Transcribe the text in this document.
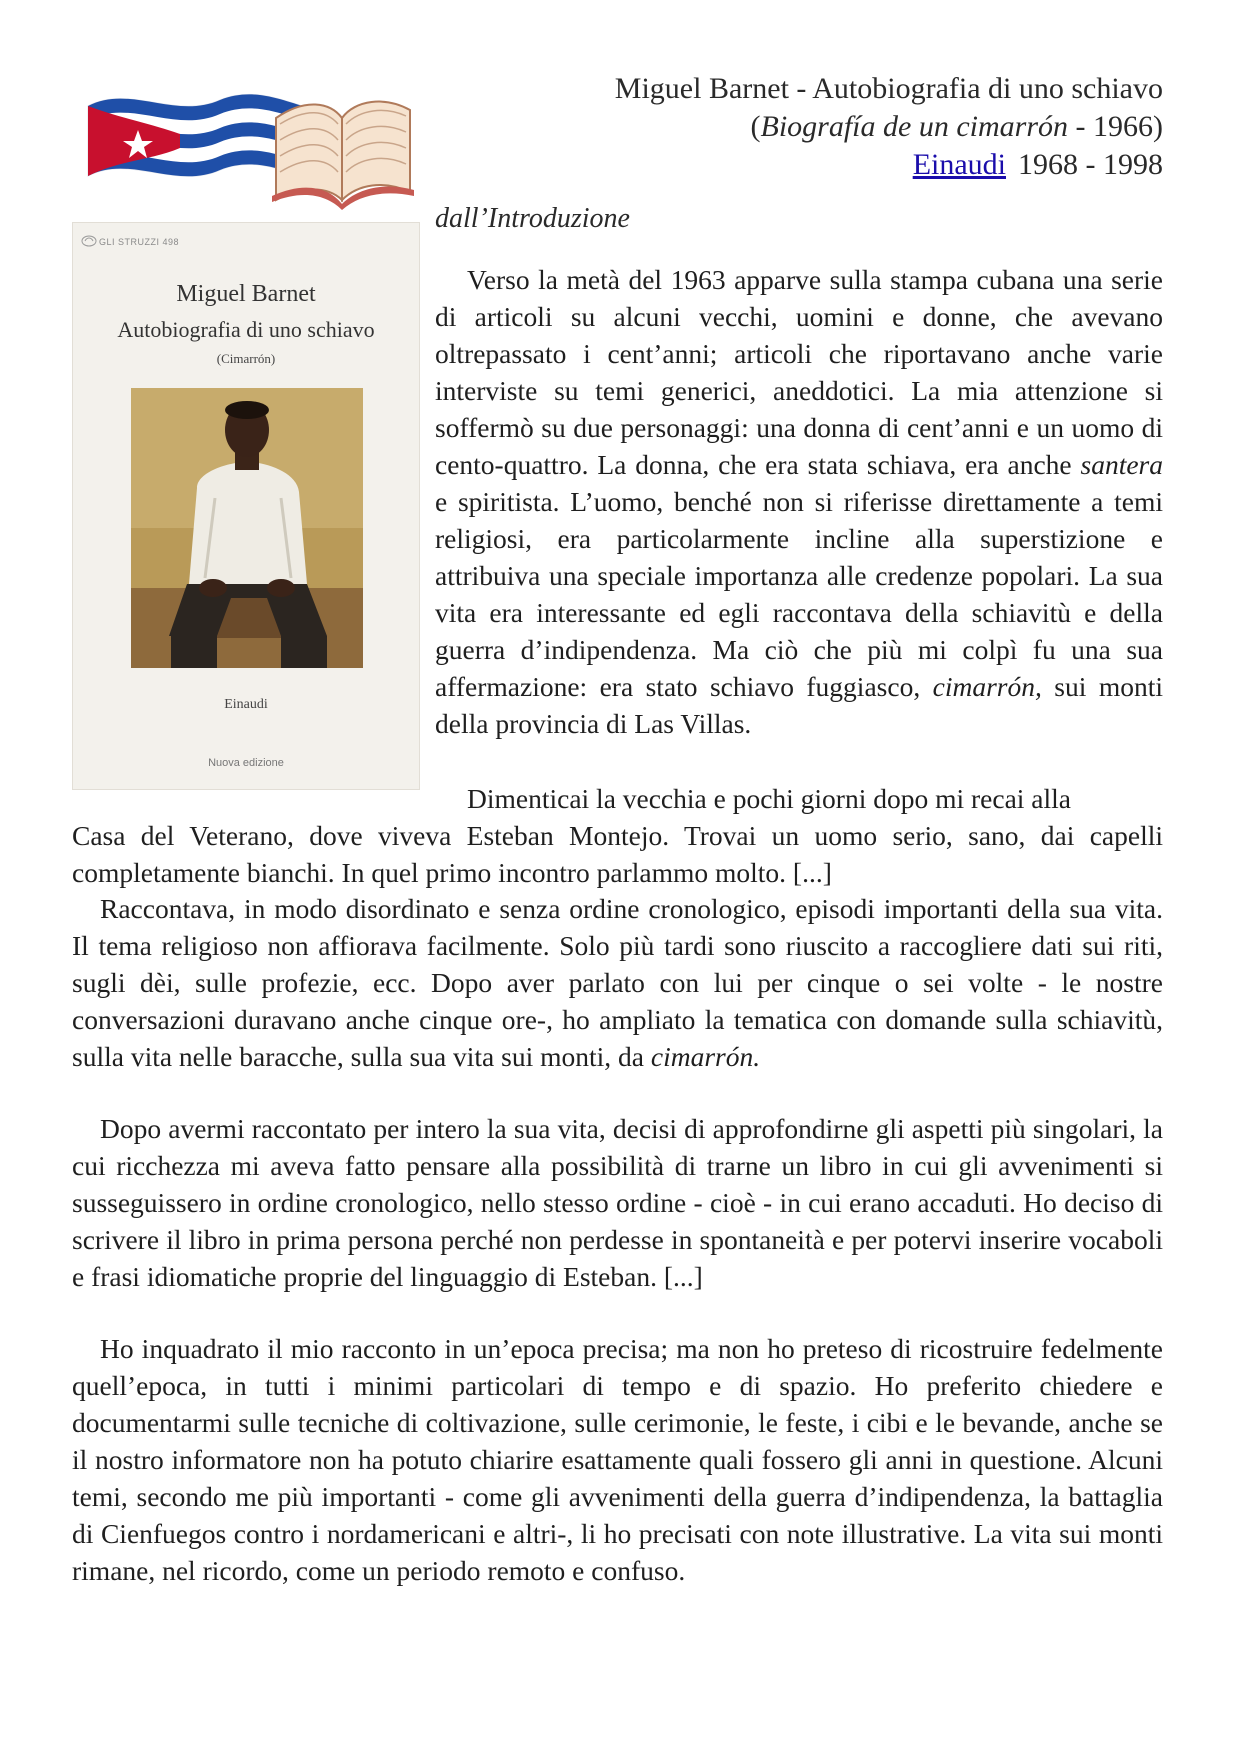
Miguel Barnet - Autobiografia di uno schiavo
(Biografía de un cimarrón - 1966)
Einaudi 1968 - 1998
GLI STRUZZI 498
Miguel Barnet
Autobiografia di uno schiavo
(Cimarrón)
Einaudi
Nuova edizione
dall’Introduzione

Verso la metà del 1963 apparve sulla stampa cubana una serie di articoli su alcuni vecchi, uomini e donne, che avevano oltrepassato i cent’anni; articoli che riportavano anche varie interviste su temi generici, aneddotici. La mia attenzione si soffermò su due personaggi: una donna di cent’anni e un uomo di cento-quattro. La donna, che era stata schiava, era anche santera e spiritista. L’uomo, benché non si riferisse direttamente a temi religiosi, era particolarmente incline alla superstizione e attribuiva una speciale importanza alle credenze popolari. La sua vita era interessante ed egli raccontava della schiavitù e della guerra d’indipendenza. Ma ciò che più mi colpì fu una sua affermazione: era stato schiavo fuggiasco, cimarrón, sui monti della provincia di Las Villas.

Dimenticai la vecchia e pochi giorni dopo mi recai alla
Casa del Veterano, dove viveva Esteban Montejo. Trovai un uomo serio, sano, dai capelli completamente bianchi. In quel primo incontro parlammo molto. [...]

Raccontava, in modo disordinato e senza ordine cronologico, episodi importanti della sua vita. Il tema religioso non affiorava facilmente. Solo più tardi sono riuscito a raccogliere dati sui riti, sugli dèi, sulle profezie, ecc. Dopo aver parlato con lui per cinque o sei volte - le nostre conversazioni duravano anche cinque ore-, ho ampliato la tematica con domande sulla schiavitù, sulla vita nelle baracche, sulla sua vita sui monti, da cimarrón.

Dopo avermi raccontato per intero la sua vita, decisi di approfondirne gli aspetti più singolari, la cui ricchezza mi aveva fatto pensare alla possibilità di trarne un libro in cui gli avvenimenti si susseguissero in ordine cronologico, nello stesso ordine - cioè - in cui erano accaduti. Ho deciso di scrivere il libro in prima persona perché non perdesse in spontaneità e per potervi inserire vocaboli e frasi idiomatiche proprie del linguaggio di Esteban. [...]

Ho inquadrato il mio racconto in un’epoca precisa; ma non ho preteso di ricostruire fedelmente quell’epoca, in tutti i minimi particolari di tempo e di spazio. Ho preferito chiedere e documentarmi sulle tecniche di coltivazione, sulle cerimonie, le feste, i cibi e le bevande, anche se il nostro informatore non ha potuto chiarire esattamente quali fossero gli anni in questione. Alcuni temi, secondo me più importanti - come gli avvenimenti della guerra d’indipendenza, la battaglia di Cienfuegos contro i nordamericani e altri-, li ho precisati con note illustrative. La vita sui monti rimane, nel ricordo, come un periodo remoto e confuso.
